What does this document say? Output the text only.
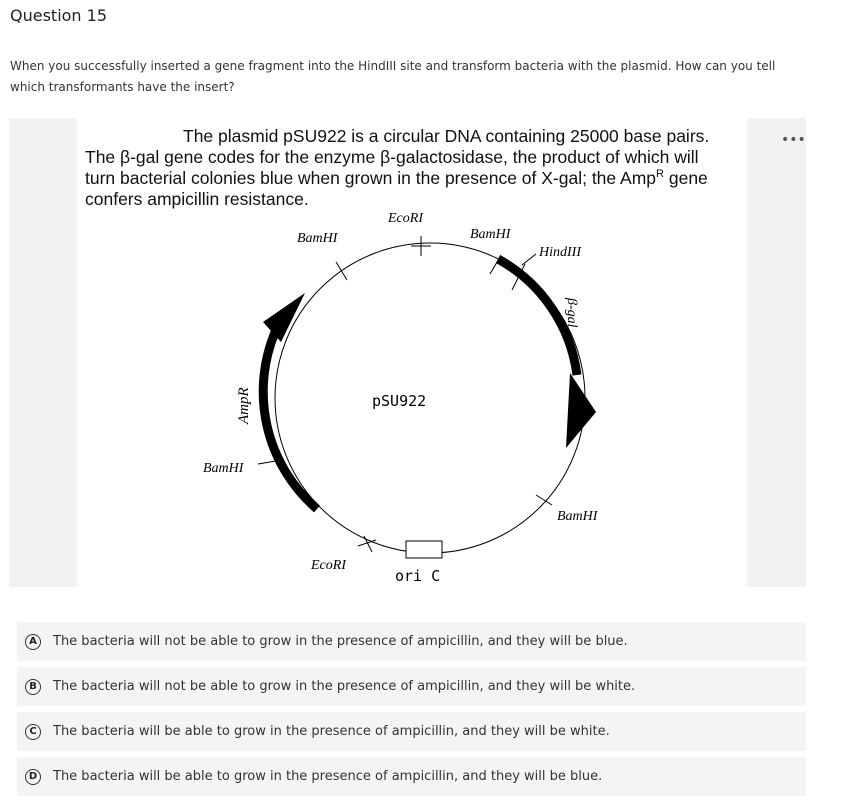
Question 15
When you successfully inserted a gene fragment into the HindIII site and transform bacteria with the plasmid. How can you tell which transformants have the insert?
•••
The plasmid pSU922 is a circular DNA containing 25000 base pairs.
The β-gal gene codes for the enzyme β-galactosidase, the product of which will
turn bacterial colonies blue when grown in the presence of X-gal; the Amp$^R$ gene
confers ampicillin resistance.
EcoRI
BamHI	BamHI
HindIII
β-gal
pSU922
AmpR
BamHI
BamHI
EcoRI
ori C
A	The bacteria will not be able to grow in the presence of ampicillin, and they will be blue.
B	The bacteria will not be able to grow in the presence of ampicillin, and they will be white.
C	The bacteria will be able to grow in the presence of ampicillin, and they will be white.
D The bacteria will be able to grow in the presence of ampicillin, and they will be blue.
